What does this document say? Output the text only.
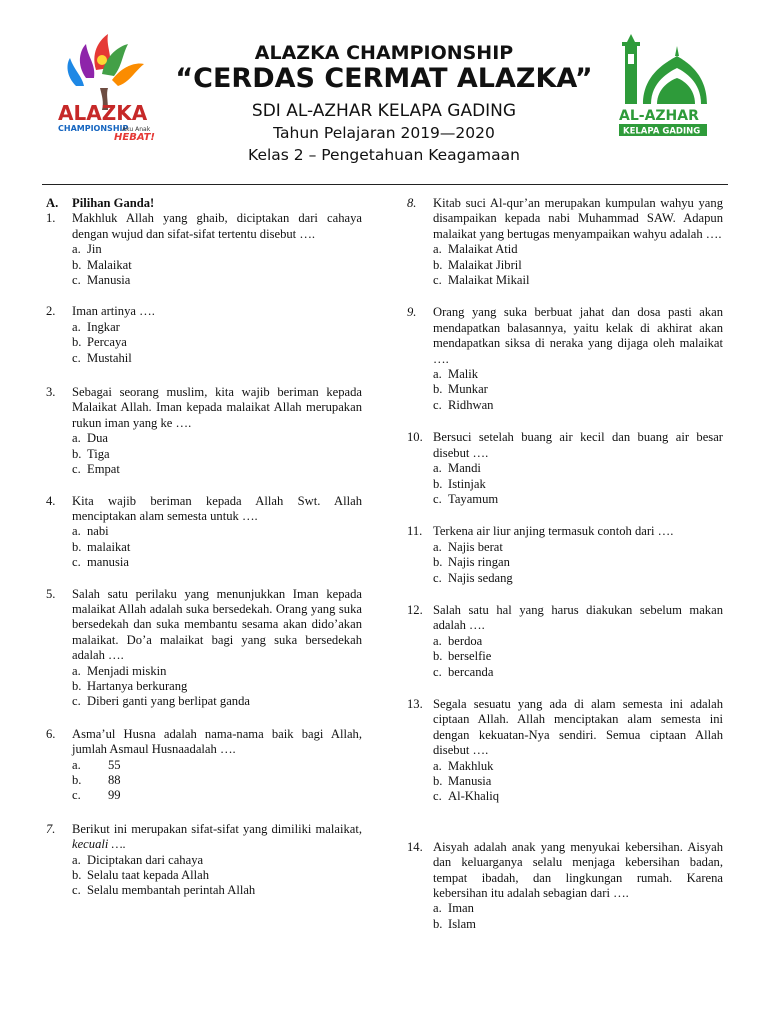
ALAZKA
CHAMPIONSHIP
Aku Anak
HEBAT!
AL-AZHAR
KELAPA GADING
ALAZKA CHAMPIONSHIP
“CERDAS CERMAT ALAZKA”
SDI AL-AZHAR KELAPA GADING
Tahun Pelajaran 2019—2020
Kelas 2 – Pengetahuan Keagamaan
A.	Pilihan Ganda!
1.	Makhluk Allah yang ghaib, diciptakan dari cahaya dengan wujud dan sifat-sifat tertentu disebut ….
a. Jin
b. Malaikat
c. Manusia
2.	Iman artinya ….
a. Ingkar
b. Percaya
c. Mustahil
3.	Sebagai seorang muslim, kita wajib beriman kepada Malaikat Allah. Iman kepada malaikat Allah merupakan rukun iman yang ke ….
a. Dua
b. Tiga
c. Empat
4.	Kita wajib beriman kepada Allah Swt. Allah menciptakan alam semesta untuk ….
a. nabi
b. malaikat
c. manusia
5.	Salah satu perilaku yang menunjukkan Iman kepada malaikat Allah adalah suka bersedekah. Orang yang suka bersedekah dan suka membantu sesama akan dido’akan malaikat. Do’a malaikat bagi yang suka bersedekah adalah ….
a. Menjadi miskin
b. Hartanya berkurang
c. Diberi ganti yang berlipat ganda
6.	Asma’ul Husna adalah nama-nama baik bagi Allah, jumlah Asmaul Husnaadalah ….
a.	55
b.	88
c.	99
7.	Berikut ini merupakan sifat-sifat yang dimiliki malaikat, kecuali ….
a. Diciptakan dari cahaya
b. Selalu taat kepada Allah
c. Selalu membantah perintah Allah
8.	Kitab suci Al-qur’an merupakan kumpulan wahyu yang disampaikan kepada nabi Muhammad SAW. Adapun malaikat yang bertugas menyampaikan wahyu adalah ….
a. Malaikat Atid
b. Malaikat Jibril
c. Malaikat Mikail
9.	Orang yang suka berbuat jahat dan dosa pasti akan mendapatkan balasannya, yaitu kelak di akhirat akan mendapatkan siksa di neraka yang dijaga oleh malaikat ….
a. Malik
b. Munkar
c. Ridhwan
10. Bersuci setelah buang air kecil dan buang air besar disebut ….
a. Mandi
b. Istinjak
c. Tayamum
11. Terkena air liur anjing termasuk contoh dari ….
a. Najis berat
b. Najis ringan
c. Najis sedang
12. Salah satu hal yang harus diakukan sebelum makan adalah ….
a. berdoa
b. berselfie
c. bercanda
13. Segala sesuatu yang ada di alam semesta ini adalah ciptaan Allah. Allah menciptakan alam semesta ini dengan kekuatan-Nya sendiri. Semua ciptaan Allah disebut ….
a. Makhluk
b. Manusia
c. Al-Khaliq
14. Aisyah adalah anak yang menyukai kebersihan. Aisyah dan keluarganya selalu menjaga kebersihan badan, tempat ibadah, dan lingkungan rumah. Karena kebersihan itu adalah sebagian dari ….
a. Iman
b. Islam
